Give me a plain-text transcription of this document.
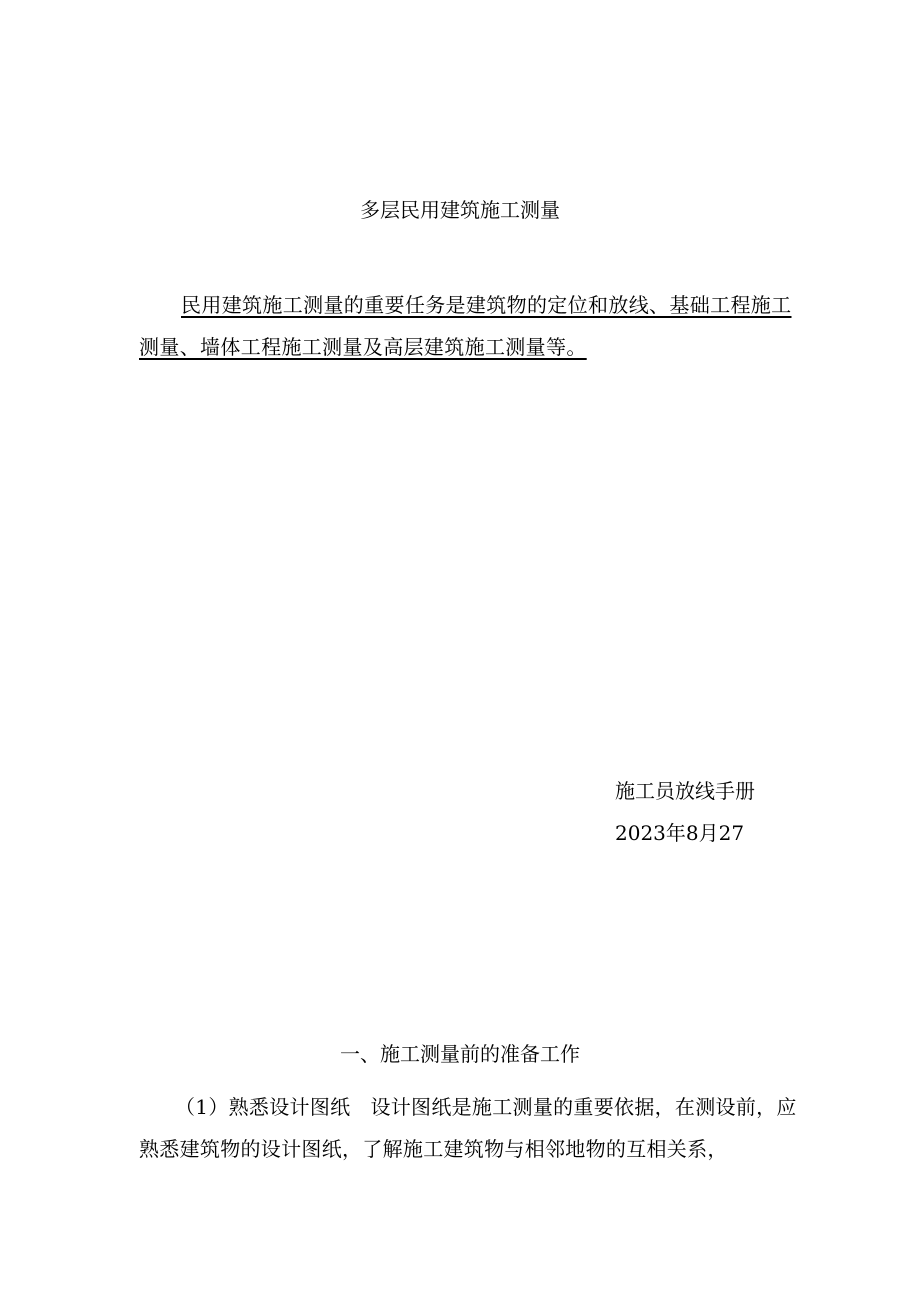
多层民用建筑施工测量
民用建筑施工测量的重要任务是建筑物的定位和放线、基础工程施工测量、墙体工程施工测量及高层建筑施工测量等。
施工员放线手册
2023年8月27
一、施工测量前的准备工作
（1）熟悉设计图纸 设计图纸是施工测量的重要依据，在测设前，应熟悉建筑物的设计图纸，了解施工建筑物与相邻地物的互相关系，
